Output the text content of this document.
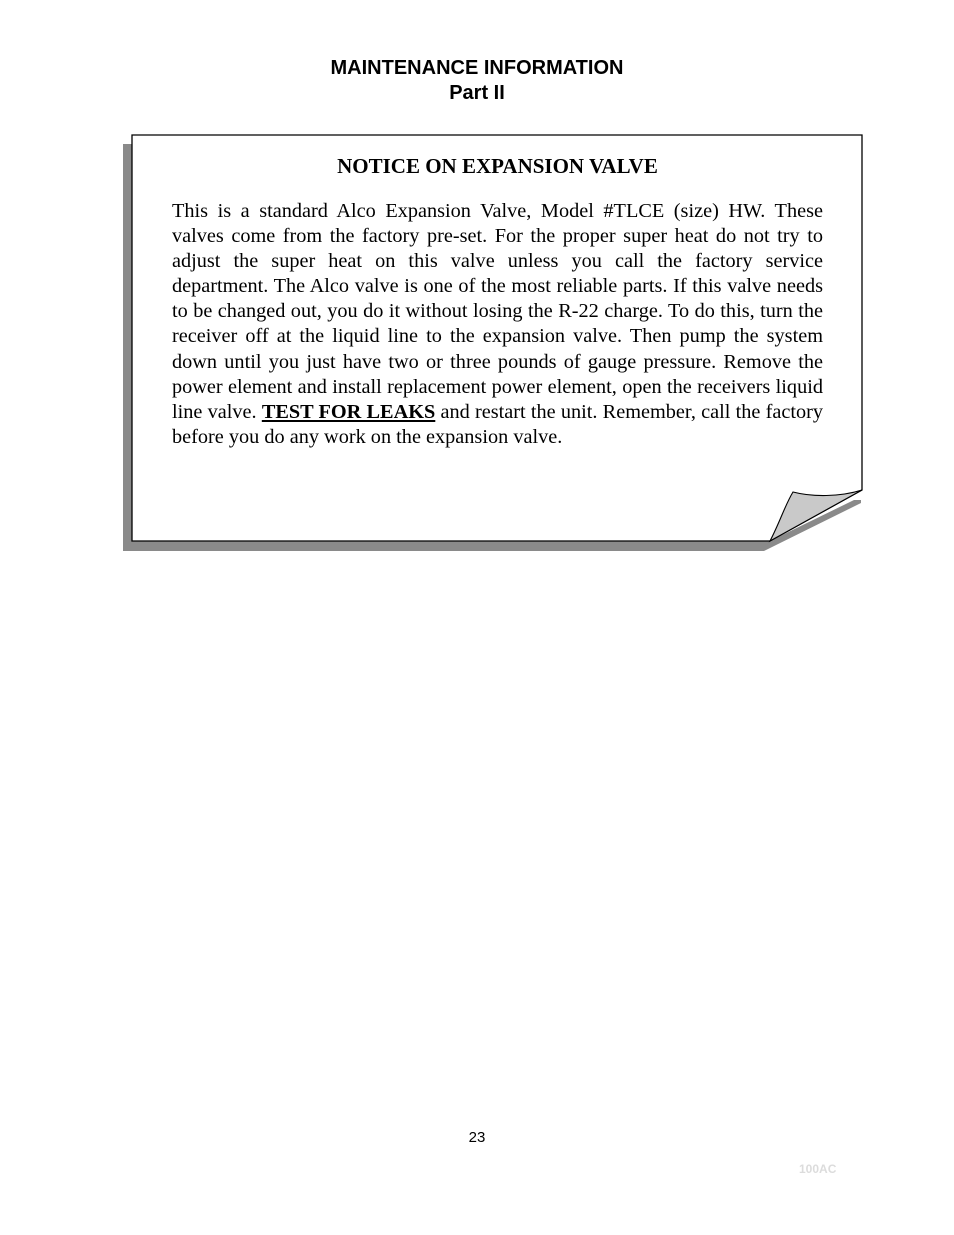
MAINTENANCE INFORMATION
Part II
NOTICE ON EXPANSION VALVE

This is a standard Alco Expansion Valve, Model #TLCE (size) HW. These valves come from the factory pre-set. For the proper super heat do not try to adjust the super heat on this valve unless you call the factory service department. The Alco valve is one of the most reliable parts. If this valve needs to be changed out, you do it without losing the R-22 charge. To do this, turn the receiver off at the liquid line to the expansion valve. Then pump the system down until you just have two or three pounds of gauge pressure. Remove the power element and install replacement power element, open the receivers liquid line valve. TEST FOR LEAKS and restart the unit. Remember, call the factory before you do any work on the expansion valve.

23
100AC
